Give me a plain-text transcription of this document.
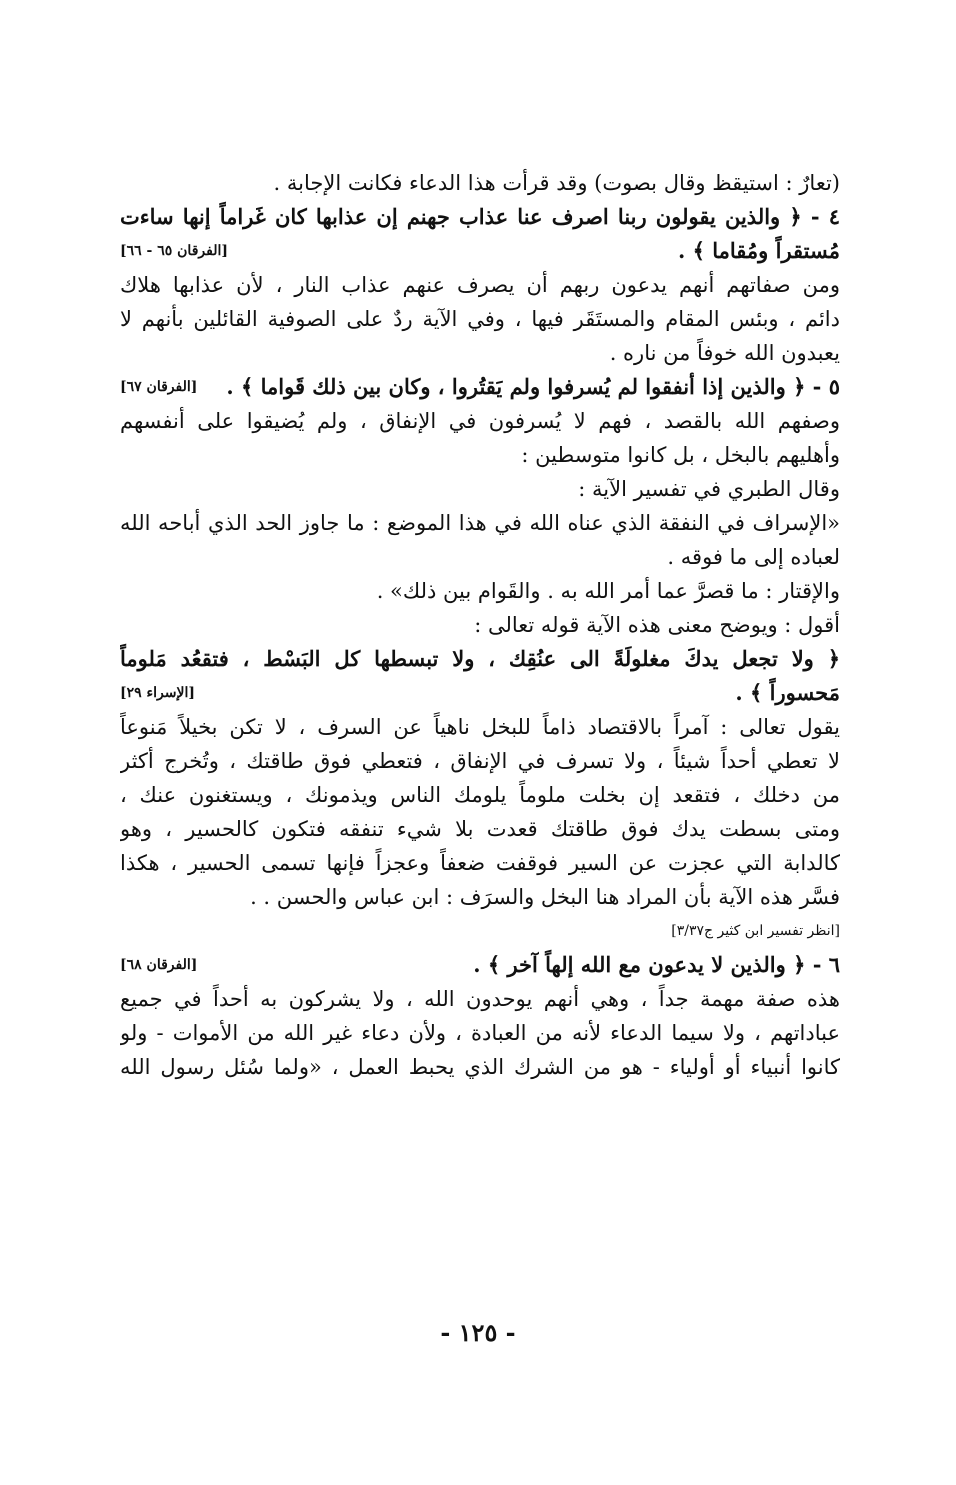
(تعارٌ : استيقظ وقال بصوت) وقد قرأت هذا الدعاء فكانت الإجابة .
٤ - ﴿ والذين يقولون ربنا اصرف عنا عذاب جهنم إن عذابها كان غَراماً إنها ساءت
[الفرقان ٦٥ - ٦٦]	مُستقراً ومُقاما ﴾ .
ومن صفاتهم أنهم يدعون ربهم أن يصرف عنهم عذاب النار ، لأن عذابها هلاك
دائم ، وبئس المقام والمستَقَر فيها ، وفي الآية ردٌ على الصوفية القائلين بأنهم لا
يعبدون الله خوفاً من ناره .
[الفرقان ٦٧] ٥ - ﴿ والذين إذا أنفقوا لم يُسرفوا ولم يَقتُروا ، وكان بين ذلك قَواما ﴾ .
وصفهم الله بالقصد ، فهم لا يُسرفون في الإنفاق ، ولم يُضيقوا على أنفسهم
وأهليهم بالبخل ، بل كانوا متوسطين :
وقال الطبري في تفسير الآية :
«الإسراف في النفقة الذي عناه الله في هذا الموضع : ما جاوز الحد الذي أباحه الله
لعباده إلى ما فوقه .
والإقتار : ما قصرَّ عما أمر الله به . والقَوام بين ذلك» .
أقول : ويوضح معنى هذه الآية قوله تعالى :
﴿ ولا تجعل يدكَ مغلولَةً الى عنُقِك ، ولا تبسطها كل البَسْط ، فتقعُد مَلوماً
[الإسراء ٢٩]	مَحسوراً ﴾ .
يقول تعالى : آمراً بالاقتصاد ذاماً للبخل ناهياً عن السرف ، لا تكن بخيلاً مَنوعاً
لا تعطي أحداً شيئاً ، ولا تسرف في الإنفاق ، فتعطي فوق طاقتك ، وتُخرج أكثر
من دخلك ، فتقعد إن بخلت ملوماً يلومك الناس ويذمونك ، ويستغنون عنك ،
ومتى بسطت يدك فوق طاقتك قعدت بلا شيء تنفقه فتكون كالحسير ، وهو
كالدابة التي عجزت عن السير فوقفت ضعفاً وعجزاً فإنها تسمى الحسير ، هكذا
فسَّر هذه الآية بأن المراد هنا البخل والسرَف : ابن عباس والحسن . .
[انظر تفسير ابن كثير ج٣/٣٧]
[الفرقان ٦٨]	٦ - ﴿ والذين لا يدعون مع الله إلهاً آخر ﴾ .
هذه صفة مهمة جداً ، وهي أنهم يوحدون الله ، ولا يشركون به أحداً في جميع
عباداتهم ، ولا سيما الدعاء لأنه من العبادة ، ولأن دعاء غير الله من الأموات - ولو
كانوا أنبياء أو أولياء - هو من الشرك الذي يحبط العمل ، «ولما سُئل رسول الله
- ١٢٥ -
